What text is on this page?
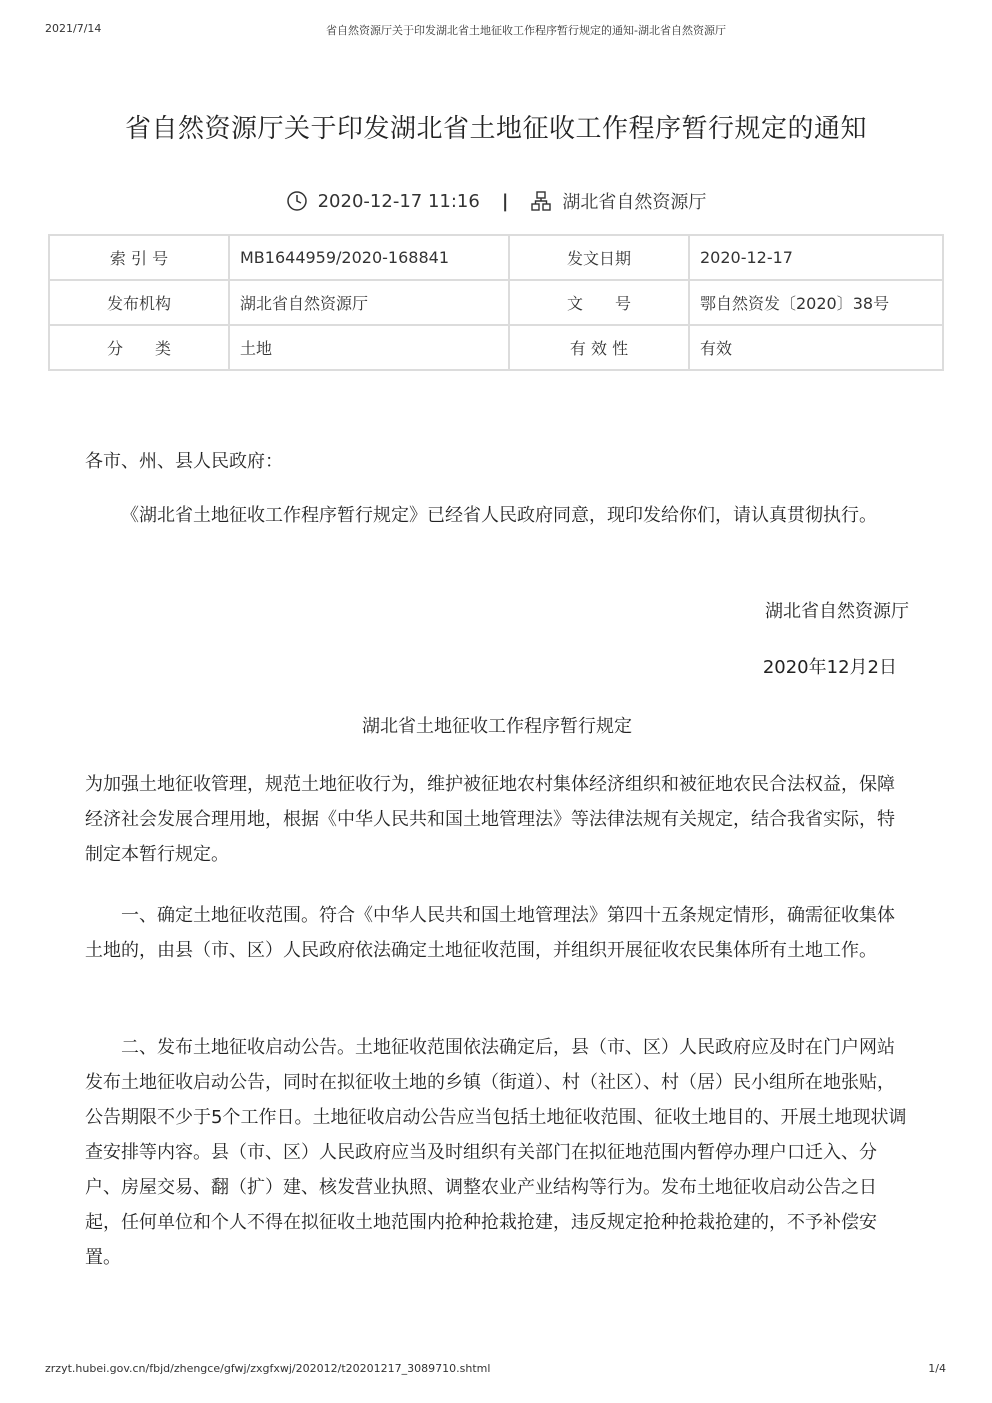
2021/7/14	省自然资源厅关于印发湖北省土地征收工作程序暂行规定的通知-湖北省自然资源厅
省自然资源厅关于印发湖北省土地征收工作程序暂行规定的通知
2020-12-17 11:16 |	湖北省自然资源厅
索 引 号	MB1644959/2020-168841	发文日期	2020-12-17
发布机构	湖北省自然资源厅	文　　号	鄂自然资发〔2020〕38号
分　　类	土地	有 效 性	有效
各市、州、县人民政府：
《湖北省土地征收工作程序暂行规定》已经省人民政府同意，现印发给你们，请认真贯彻执行。
湖北省自然资源厅
2020年12月2日
湖北省土地征收工作程序暂行规定
为加强土地征收管理，规范土地征收行为，维护被征地农村集体经济组织和被征地农民合法权益，保障经济社会发展合理用地，根据《中华人民共和国土地管理法》等法律法规有关规定，结合我省实际，特制定本暂行规定。
一、确定土地征收范围。符合《中华人民共和国土地管理法》第四十五条规定情形，确需征收集体土地的，由县（市、区）人民政府依法确定土地征收范围，并组织开展征收农民集体所有土地工作。
二、发布土地征收启动公告。土地征收范围依法确定后，县（市、区）人民政府应及时在门户网站发布土地征收启动公告，同时在拟征收土地的乡镇（街道）、村（社区）、村（居）民小组所在地张贴，公告期限不少于5个工作日。土地征收启动公告应当包括土地征收范围、征收土地目的、开展土地现状调查安排等内容。县（市、区）人民政府应当及时组织有关部门在拟征地范围内暂停办理户口迁入、分户、房屋交易、翻（扩）建、核发营业执照、调整农业产业结构等行为。发布土地征收启动公告之日起，任何单位和个人不得在拟征收土地范围内抢种抢栽抢建，违反规定抢种抢栽抢建的，不予补偿安置。
zrzyt.hubei.gov.cn/fbjd/zhengce/gfwj/zxgfxwj/202012/t20201217_3089710.shtml	1/4
